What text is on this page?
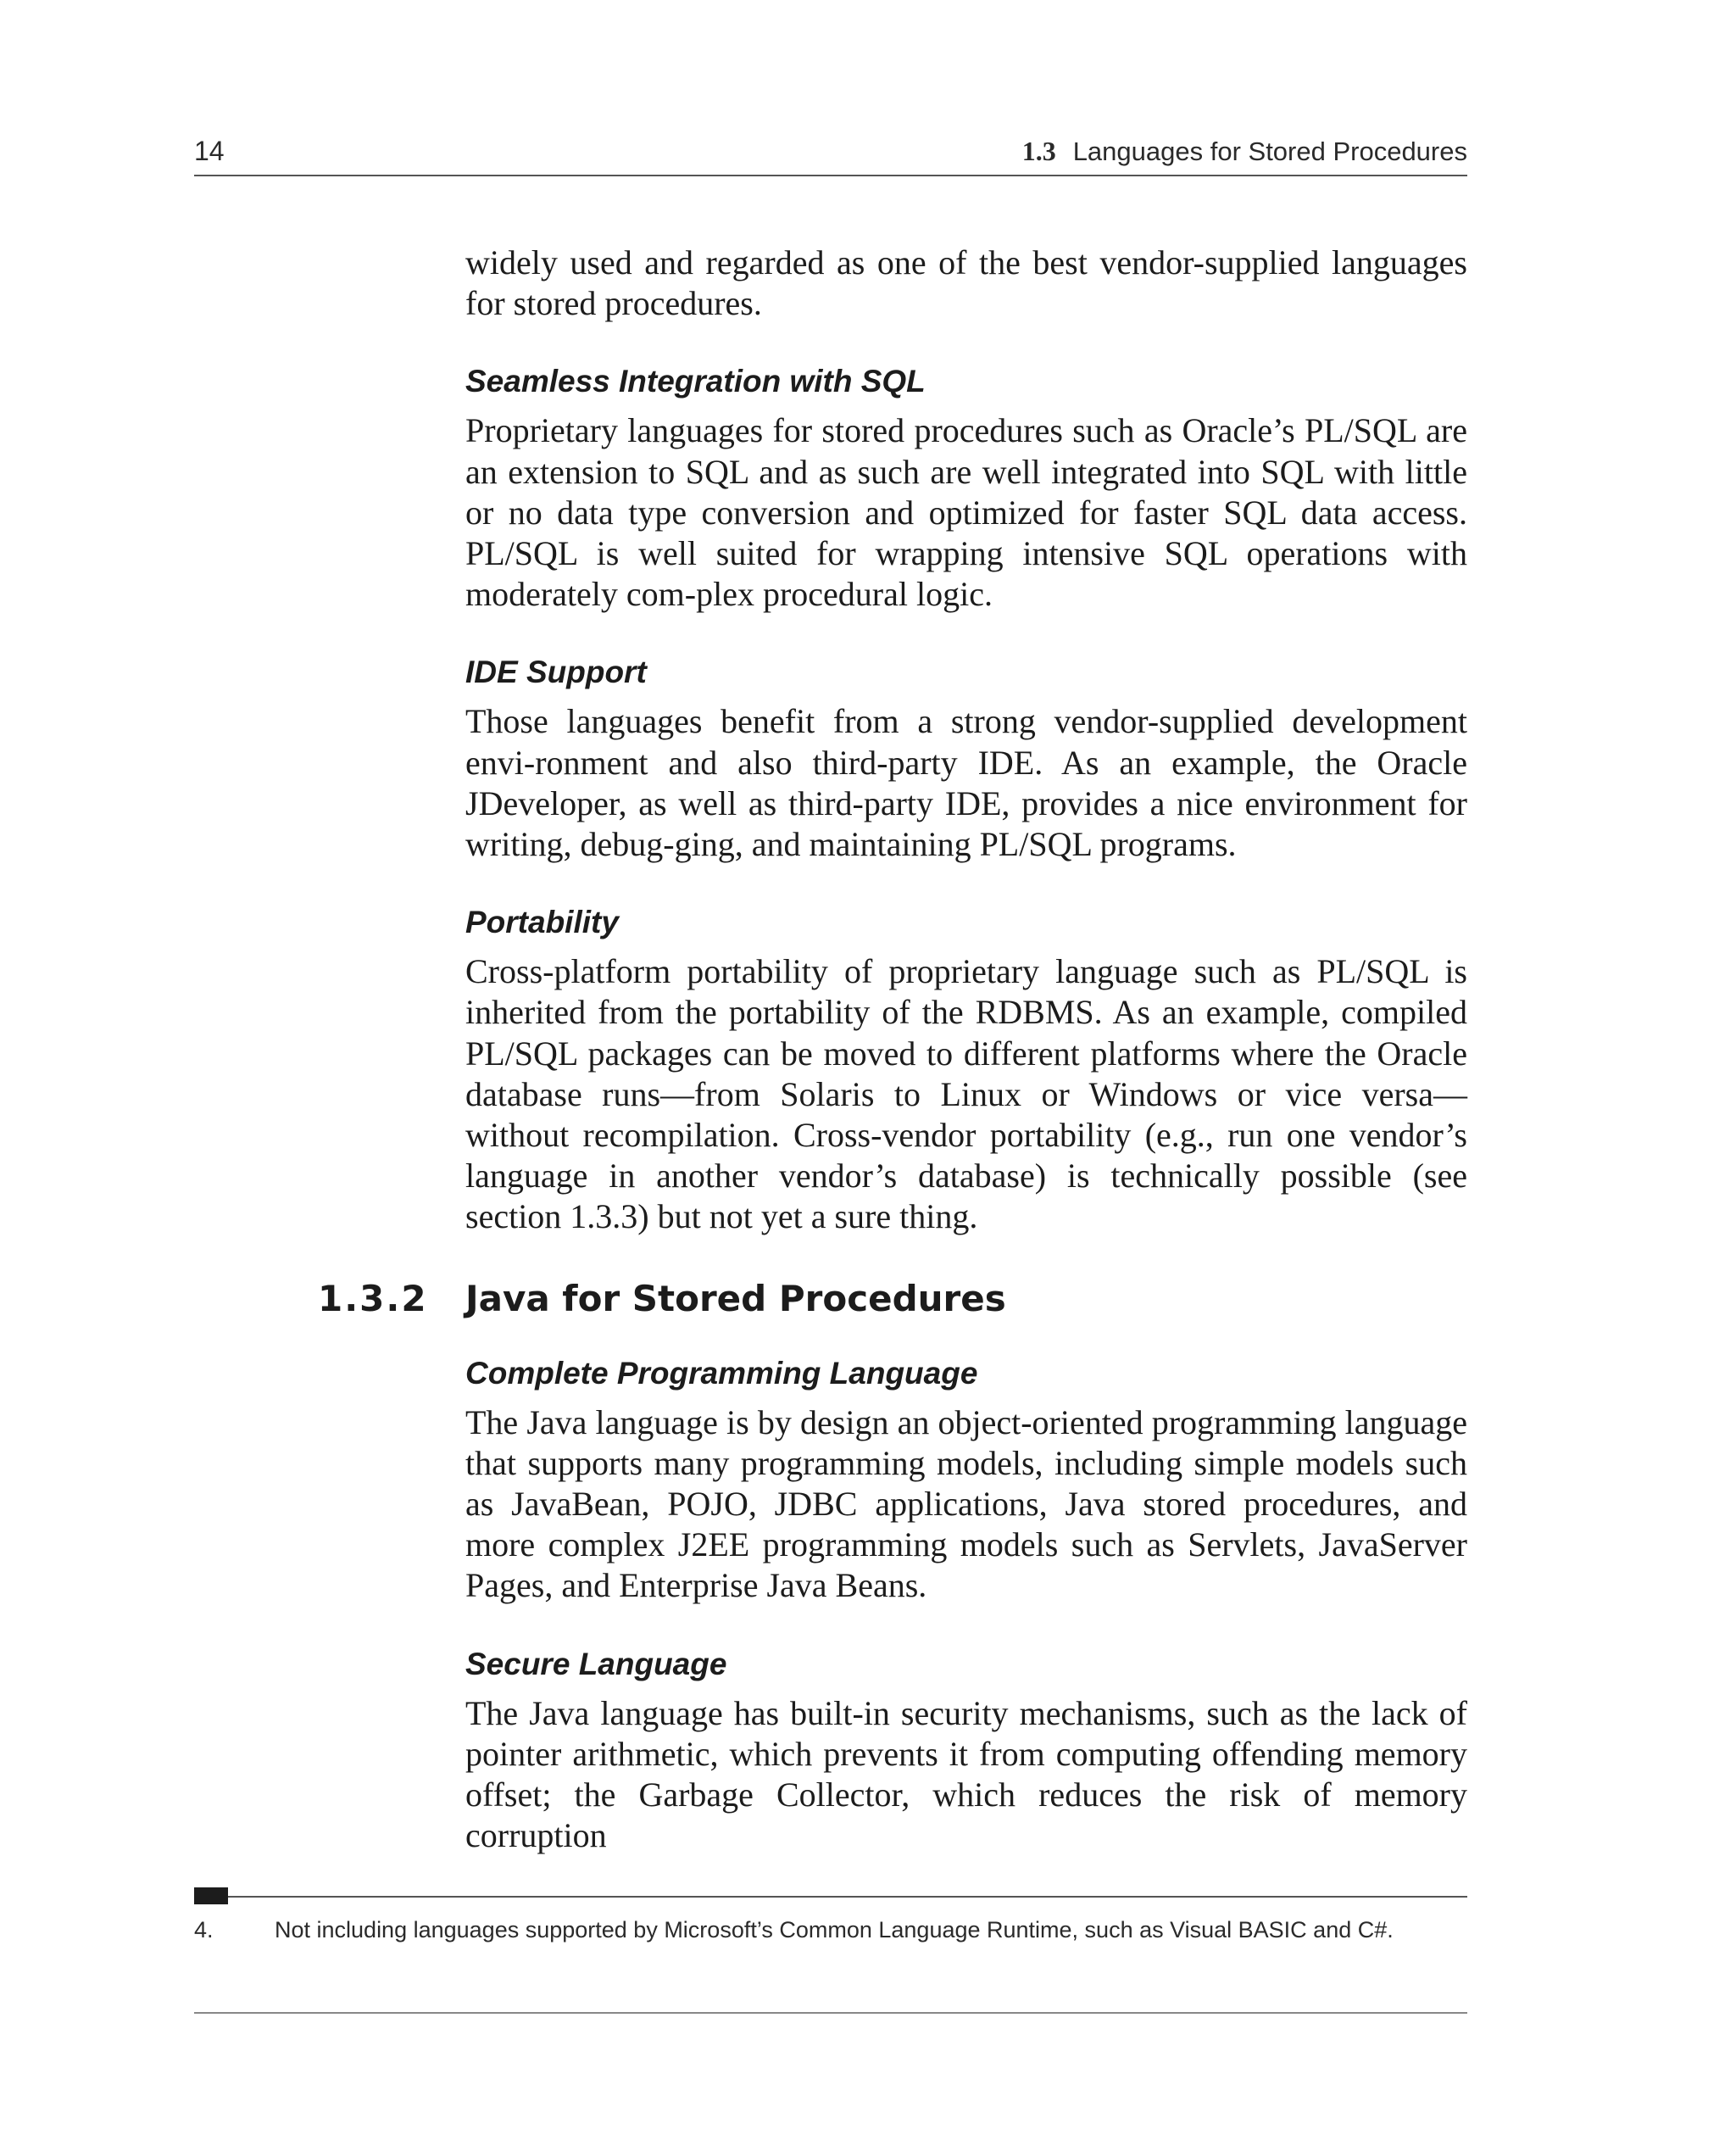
14	1.3 Languages for Stored Procedures

widely used and regarded as one of the best vendor-supplied languages for stored procedures.

Seamless Integration with SQL

Proprietary languages for stored procedures such as Oracle’s PL/SQL are an extension to SQL and as such are well integrated into SQL with little or no data type conversion and optimized for faster SQL data access. PL/SQL is well suited for wrapping intensive SQL operations with moderately com-plex procedural logic.

IDE Support

Those languages benefit from a strong vendor-supplied development envi-ronment and also third-party IDE. As an example, the Oracle JDeveloper, as well as third-party IDE, provides a nice environment for writing, debug-ging, and maintaining PL/SQL programs.

Portability

Cross-platform portability of proprietary language such as PL/SQL is inherited from the portability of the RDBMS. As an example, compiled PL/SQL packages can be moved to different platforms where the Oracle database runs—from Solaris to Linux or Windows or vice versa—without recompilation. Cross-vendor portability (e.g., run one vendor’s language in another vendor’s database) is technically possible (see section 1.3.3) but not yet a sure thing.

1.3.2 Java for Stored Procedures
Complete Programming Language

The Java language is by design an object-oriented programming language that supports many programming models, including simple models such as JavaBean, POJO, JDBC applications, Java stored procedures, and more complex J2EE programming models such as Servlets, JavaServer Pages, and Enterprise Java Beans.

Secure Language

The Java language has built-in security mechanisms, such as the lack of pointer arithmetic, which prevents it from computing offending memory offset; the Garbage Collector, which reduces the risk of memory corruption

4.	Not including languages supported by Microsoft’s Common Language Runtime, such as Visual BASIC and C#.
